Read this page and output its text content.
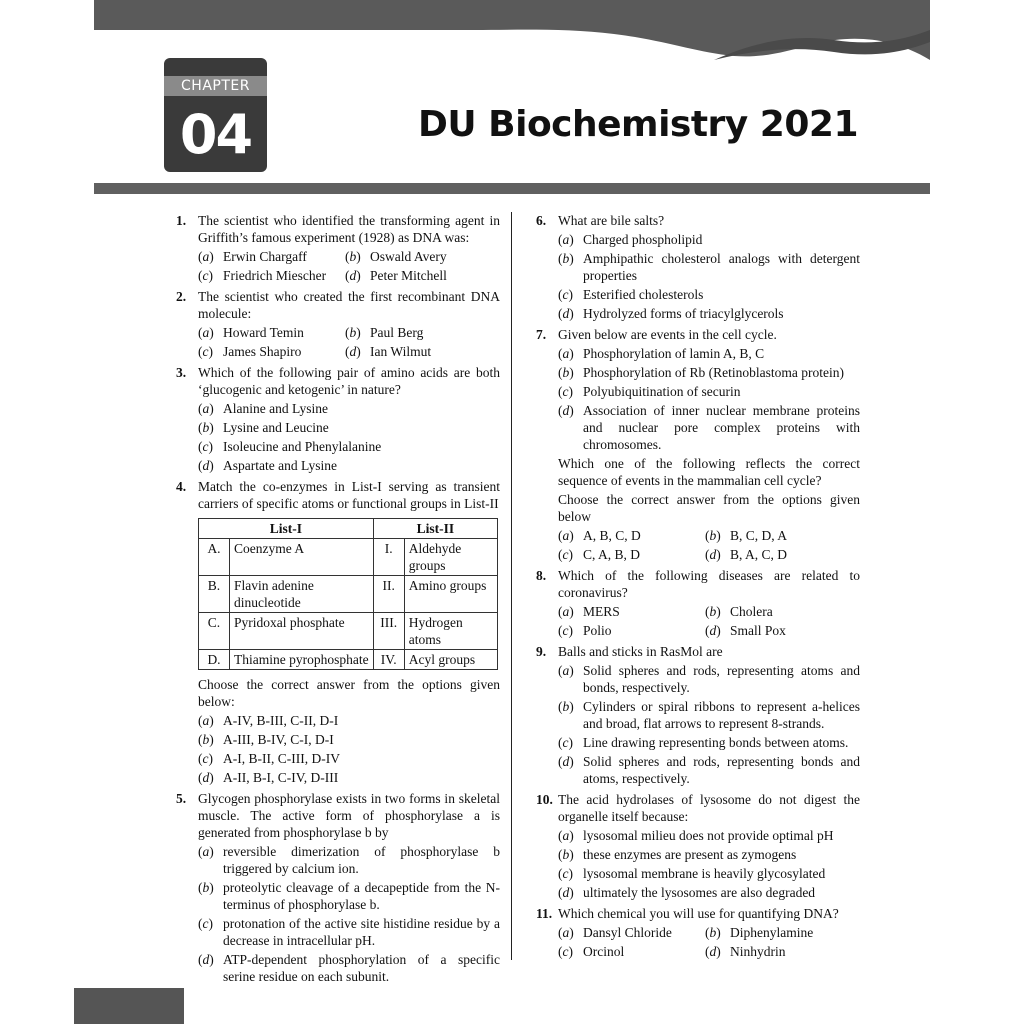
CHAPTER
04	DU Biochemistry 2021
1. The scientist who identified the transforming agent in Griffith’s famous experiment (1928) as DNA was:
(a) Erwin Chargaff	(b) Oswald Avery
(c) Friedrich Miescher	(d) Peter Mitchell
2. The scientist who created the first recombinant DNA molecule:
(a) Howard Temin	(b) Paul Berg
(c) James Shapiro	(d) Ian Wilmut
3. Which of the following pair of amino acids are both ‘glucogenic and ketogenic’ in nature?
(a) Alanine and Lysine
(b) Lysine and Leucine
(c) Isoleucine and Phenylalanine
(d) Aspartate and Lysine
4. Match the co-enzymes in List-I serving as transient carriers of specific atoms or functional groups in List-II
List-I		List-II	
A.	Coenzyme A	I.	Aldehyde groups
B.	Flavin adenine dinucleotide	II.	Amino groups
C.	Pyridoxal phosphate	III.	Hydrogen atoms
D.	Thiamine pyrophosphate	IV.	Acyl groups
Choose the correct answer from the options given below:
(a) A-IV, B-III, C-II, D-I
(b) A-III, B-IV, C-I, D-I
(c) A-I, B-II, C-III, D-IV
(d) A-II, B-I, C-IV, D-III
5. Glycogen phosphorylase exists in two forms in skeletal muscle. The active form of phosphorylase a is generated from phosphorylase b by
(a) reversible dimerization of phosphorylase b triggered by calcium ion.
(b) proteolytic cleavage of a decapeptide from the N-terminus of phosphorylase b.
(c) protonation of the active site histidine residue by a decrease in intracellular pH.
(d) ATP-dependent phosphorylation of a specific serine residue on each subunit.
6. What are bile salts?
(a) Charged phospholipid
(b) Amphipathic cholesterol analogs with detergent properties
(c) Esterified cholesterols
(d) Hydrolyzed forms of triacylglycerols
7. Given below are events in the cell cycle.
(a) Phosphorylation of lamin A, B, C
(b) Phosphorylation of Rb (Retinoblastoma protein)
(c) Polyubiquitination of securin
(d) Association of inner nuclear membrane proteins and nuclear pore complex proteins with chromosomes.
Which one of the following reflects the correct sequence of events in the mammalian cell cycle?
Choose the correct answer from the options given below
(a) A, B, C, D	(b) B, C, D, A
(c) C, A, B, D	(d) B, A, C, D
8. Which of the following diseases are related to coronavirus?
(a) MERS	(b) Cholera
(c) Polio	(d) Small Pox
9. Balls and sticks in RasMol are
(a) Solid spheres and rods, representing atoms and bonds, respectively.
(b) Cylinders or spiral ribbons to represent a-helices and broad, flat arrows to represent 8-strands.
(c) Line drawing representing bonds between atoms.
(d) Solid spheres and rods, representing bonds and atoms, respectively.
10. The acid hydrolases of lysosome do not digest the organelle itself because:
(a) lysosomal milieu does not provide optimal pH
(b) these enzymes are present as zymogens
(c) lysosomal membrane is heavily glycosylated
(d) ultimately the lysosomes are also degraded
11. Which chemical you will use for quantifying DNA?
(a) Dansyl Chloride	(b) Diphenylamine
(c) Orcinol	(d) Ninhydrin
